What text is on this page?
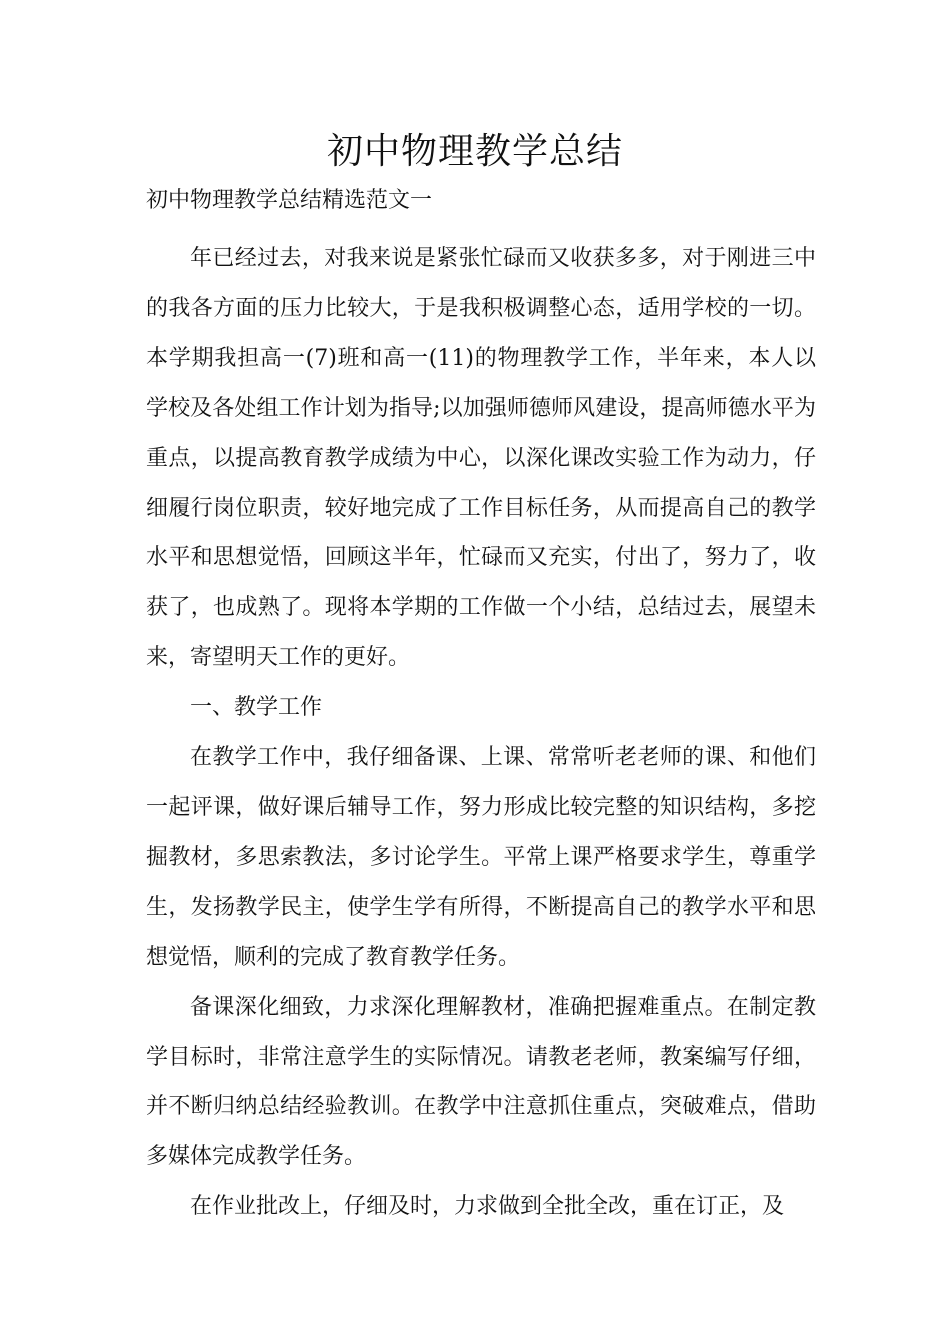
初中物理教学总结
初中物理教学总结精选范文一

年已经过去，对我来说是紧张忙碌而又收获多多，对于刚进三中的我各方面的压力比较大，于是我积极调整心态，适用学校的一切。本学期我担高一(7)班和高一(11)的物理教学工作，半年来，本人以学校及各处组工作计划为指导;以加强师德师风建设，提高师德水平为重点，以提高教育教学成绩为中心，以深化课改实验工作为动力，仔细履行岗位职责，较好地完成了工作目标任务，从而提高自己的教学水平和思想觉悟，回顾这半年，忙碌而又充实，付出了，努力了，收获了，也成熟了。现将本学期的工作做一个小结，总结过去，展望未来，寄望明天工作的更好。

一、教学工作

在教学工作中，我仔细备课、上课、常常听老老师的课、和他们一起评课，做好课后辅导工作，努力形成比较完整的知识结构，多挖掘教材，多思索教法，多讨论学生。平常上课严格要求学生，尊重学生，发扬教学民主，使学生学有所得，不断提高自己的教学水平和思想觉悟，顺利的完成了教育教学任务。

备课深化细致，力求深化理解教材，准确把握难重点。在制定教学目标时，非常注意学生的实际情况。请教老老师，教案编写仔细，并不断归纳总结经验教训。在教学中注意抓住重点，突破难点，借助多媒体完成教学任务。

在作业批改上，仔细及时，力求做到全批全改，重在订正，及
